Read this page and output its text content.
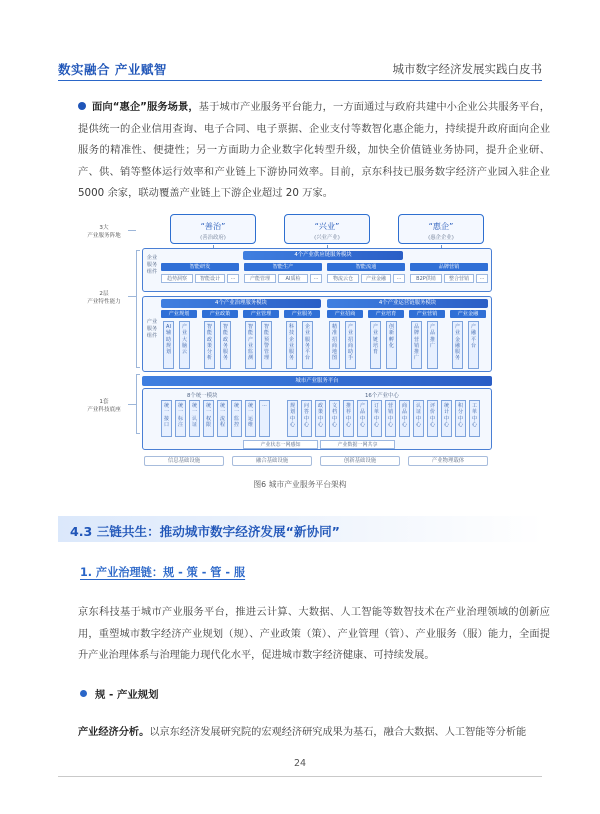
数实融合 产业赋智	城市数字经济发展实践白皮书
面向“惠企”服务场景，基于城市产业服务平台能力，一方面通过与政府共建中小企业公共服务平台，提供统一的企业信用查询、电子合同、电子票据、企业支付等数智化惠企能力，持续提升政府面向企业服务的精准性、便捷性；另一方面助力企业数字化转型升级，加快全价值链业务协同，提升企业研、产、供、销等整体运行效率和产业链上下游协同效率。目前，京东科技已服务数字经济产业园入驻企业 5000 余家，联动覆盖产业链上下游企业超过 20 万家。
3大
产业服务阵地
2层
产业特性能力
1套
产业科技底座
“善治”
(善治政府)
“兴业”
(兴业产业)
“惠企”
(惠企企业)
企业服务组件
4个产业供应链服务模块
智能研发
趋势洞察	智能设计	···
智能生产
产能管理	AI质检	···
智能流通
物流云仓	产业金融	···
品牌营销
B2P供销	整合营销	···
产业服务组件
4个产业治理服务模块	4个产业运营链服务模块
产业规划
AI辅助规划
产业大脑云
产业政策
智能政策分析
智能政务服务
产业管理
智能产业监测
智能预警管理
产业服务
科技企业服务
企业服务平台
产业招商
精准招商地图
产业招商助手
产业培育
产业链培育
创新孵化
产业营销
品牌营销推广
产品推广
产业金融
产业金融服务
产融平台
城市产业服务平台
8个统一模块	16个产业中心
统一接口
统一标注
统一认证
统一权限
统一流程
统一监控
统一运维
···	规划中心
问答中心
政策中心
文档中心
推荐中心
产品中心
订单中心
营销中心
商品中心
认证中心
评价中心
统计中心
积分中心
工单中心
产业状态一网感知	产业数据一网共享
信息基础设施	融合基础设施	创新基础设施	产业物理载体
图6 城市产业服务平台架构
4.3 三链共生：推动城市数字经济发展“新协同”
1. 产业治理链：规 - 策 - 管 - 服
京东科技基于城市产业服务平台，推进云计算、大数据、人工智能等数智技术在产业治理领域的创新应用，重塑城市数字经济产业规划（规）、产业政策（策）、产业管理（管）、产业服务（服）能力，全面提升产业治理体系与治理能力现代化水平，促进城市数字经济健康、可持续发展。
规 - 产业规划
产业经济分析。以京东经济发展研究院的宏观经济研究成果为基石，融合大数据、人工智能等分析能
24
